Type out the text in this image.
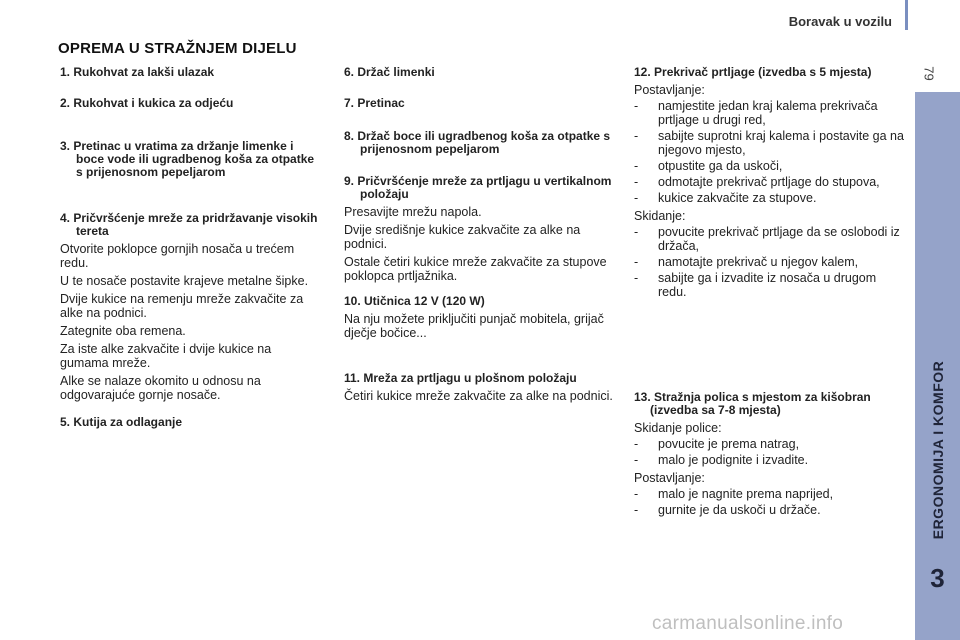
Boravak u vozilu
79
ERGONOMIJA I KOMFOR
3
OPREMA U STRAŽNJEM DIJELU
1. Rukohvat za lakši ulazak
2. Rukohvat i kukica za odjeću
3. Pretinac u vratima za držanje limenke i boce vode ili ugradbenog koša za otpatke s prijenosnom pepeljarom
4. Pričvršćenje mreže za pridržavanje visokih tereta

Otvorite poklopce gornjih nosača u trećem redu.

U te nosače postavite krajeve metalne šipke.

Dvije kukice na remenju mreže zakvačite za alke na podnici.

Zategnite oba remena.

Za iste alke zakvačite i dvije kukice na gumama mreže.

Alke se nalaze okomito u odnosu na odgovarajuće gornje nosače.

5. Kutija za odlaganje
6. Držač limenki
7. Pretinac
8. Držač boce ili ugradbenog koša za otpatke s prijenosnom pepeljarom
9. Pričvršćenje mreže za prtljagu u vertikalnom položaju

Presavijte mrežu napola.

Dvije središnje kukice zakvačite za alke na podnici.

Ostale četiri kukice mreže zakvačite za stupove poklopca prtljažnika.

10. Utičnica 12 V (120 W)

Na nju možete priključiti punjač mobitela, grijač dječje bočice...

11. Mreža za prtljagu u plošnom položaju

Četiri kukice mreže zakvačite za alke na podnici.

12. Prekrivač prtljage (izvedba s 5 mjesta)

Postavljanje:

- namjestite jedan kraj kalema prekrivača prtljage u drugi red,
- sabijte suprotni kraj kalema i postavite ga na njegovo mjesto,
- otpustite ga da uskoči,
- odmotajte prekrivač prtljage do stupova,
- kukice zakvačite za stupove.

Skidanje:

- povucite prekrivač prtljage da se oslobodi iz držača,
- namotajte prekrivač u njegov kalem,
- sabijte ga i izvadite iz nosača u drugom redu.
13. Stražnja polica s mjestom za kišobran (izvedba sa 7-8 mjesta)

Skidanje police:

- povucite je prema natrag,
- malo je podignite i izvadite.

Postavljanje:

- malo je nagnite prema naprijed,
- gurnite je da uskoči u držače.
carmanualsonline.info
